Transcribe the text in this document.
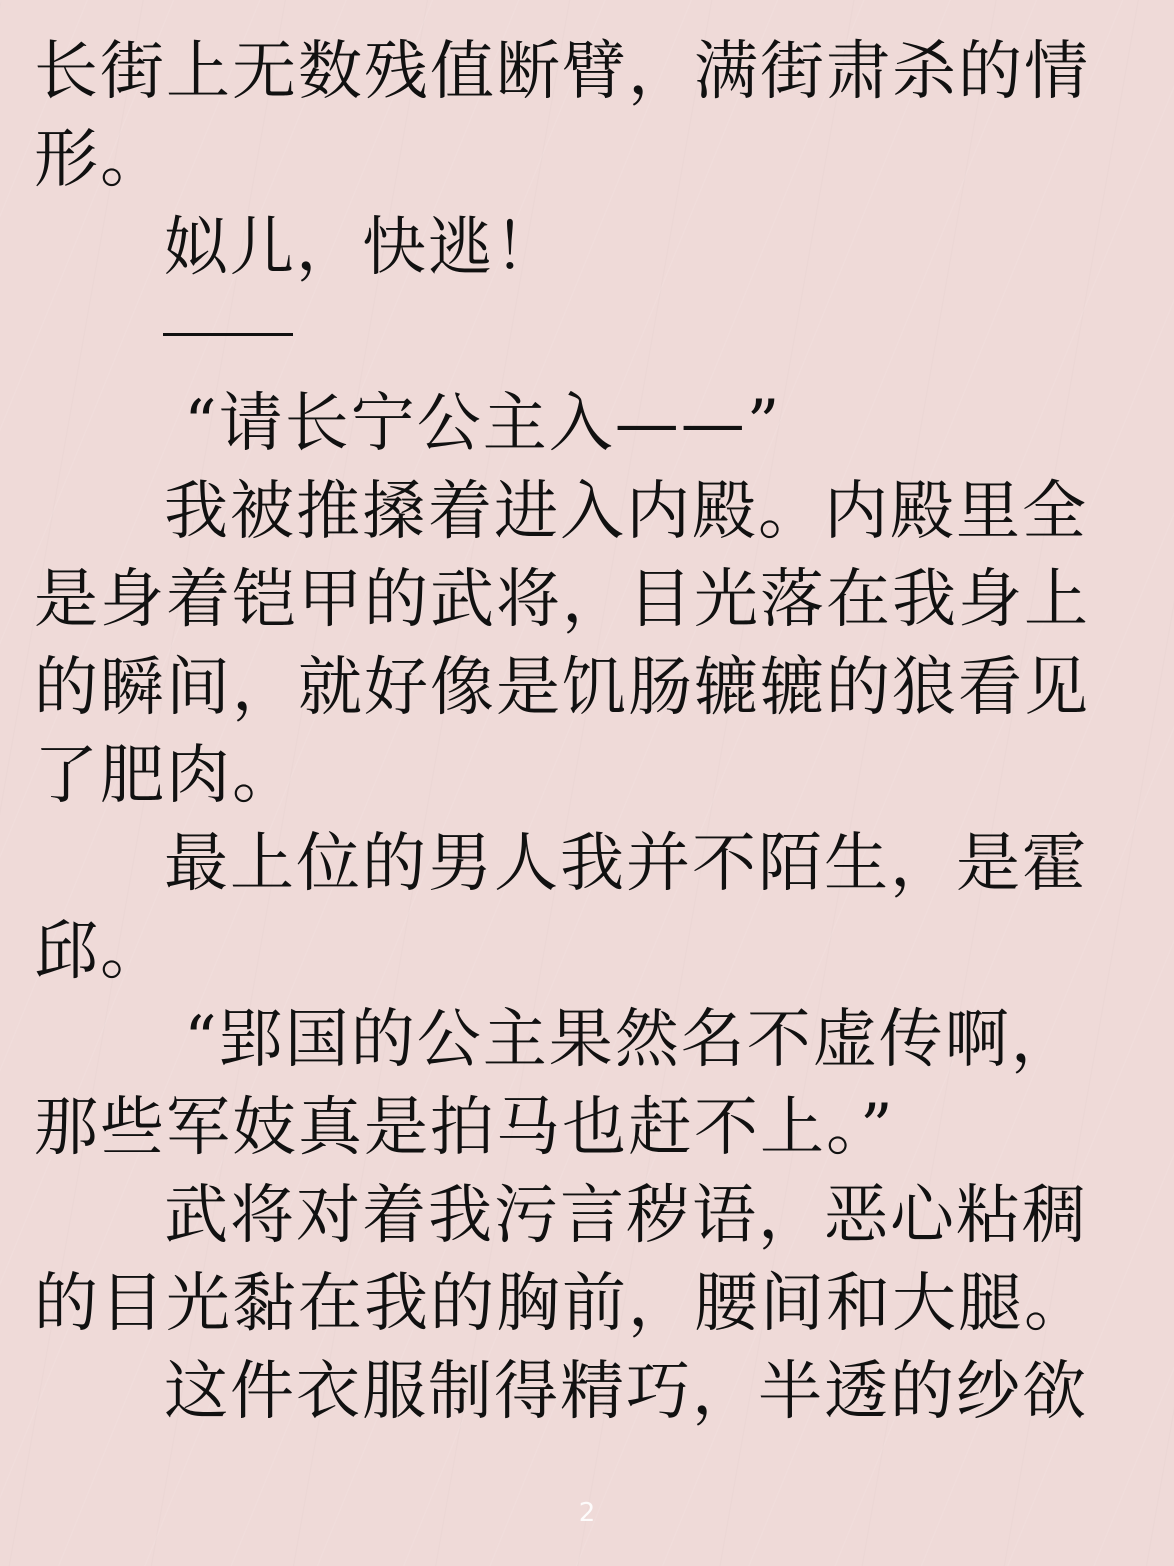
长街上无数残值断臂，满街肃杀的情

形。

姒儿，快逃！

“请长宁公主入——”

我被推搡着进入内殿。内殿里全

是身着铠甲的武将，目光落在我身上

的瞬间，就好像是饥肠辘辘的狼看见

了肥肉。

最上位的男人我并不陌生，是霍

邱。

“郢国的公主果然名不虚传啊，

那些军妓真是拍马也赶不上。”

武将对着我污言秽语，恶心粘稠

的目光黏在我的胸前，腰间和大腿。

这件衣服制得精巧，半透的纱欲

2
